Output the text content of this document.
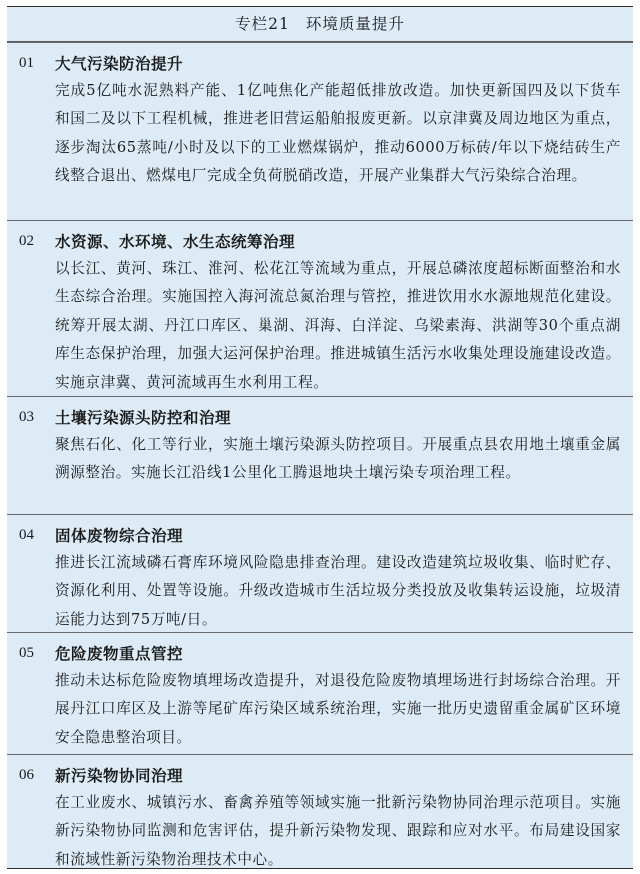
专栏21 环境质量提升
01	大气污染防治提升
完成5亿吨水泥熟料产能、1亿吨焦化产能超低排放改造。加快更新国四及以下货车和国二及以下工程机械，推进老旧营运船舶报废更新。以京津冀及周边地区为重点，逐步淘汰65蒸吨/小时及以下的工业燃煤锅炉，推动6000万标砖/年以下烧结砖生产线整合退出、燃煤电厂完成全负荷脱硝改造，开展产业集群大气污染综合治理。
02	水资源、水环境、水生态统筹治理
以长江、黄河、珠江、淮河、松花江等流域为重点，开展总磷浓度超标断面整治和水生态综合治理。实施国控入海河流总氮治理与管控，推进饮用水水源地规范化建设。统筹开展太湖、丹江口库区、巢湖、洱海、白洋淀、乌梁素海、洪湖等30个重点湖库生态保护治理，加强大运河保护治理。推进城镇生活污水收集处理设施建设改造。实施京津冀、黄河流域再生水利用工程。
03	土壤污染源头防控和治理
聚焦石化、化工等行业，实施土壤污染源头防控项目。开展重点县农用地土壤重金属溯源整治。实施长江沿线1公里化工腾退地块土壤污染专项治理工程。
04	固体废物综合治理
推进长江流域磷石膏库环境风险隐患排查治理。建设改造建筑垃圾收集、临时贮存、资源化利用、处置等设施。升级改造城市生活垃圾分类投放及收集转运设施，垃圾清运能力达到75万吨/日。
05	危险废物重点管控
推动未达标危险废物填埋场改造提升，对退役危险废物填埋场进行封场综合治理。开展丹江口库区及上游等尾矿库污染区域系统治理，实施一批历史遗留重金属矿区环境安全隐患整治项目。
06	新污染物协同治理
在工业废水、城镇污水、畜禽养殖等领域实施一批新污染物协同治理示范项目。实施新污染物协同监测和危害评估，提升新污染物发现、跟踪和应对水平。布局建设国家和流域性新污染物治理技术中心。
